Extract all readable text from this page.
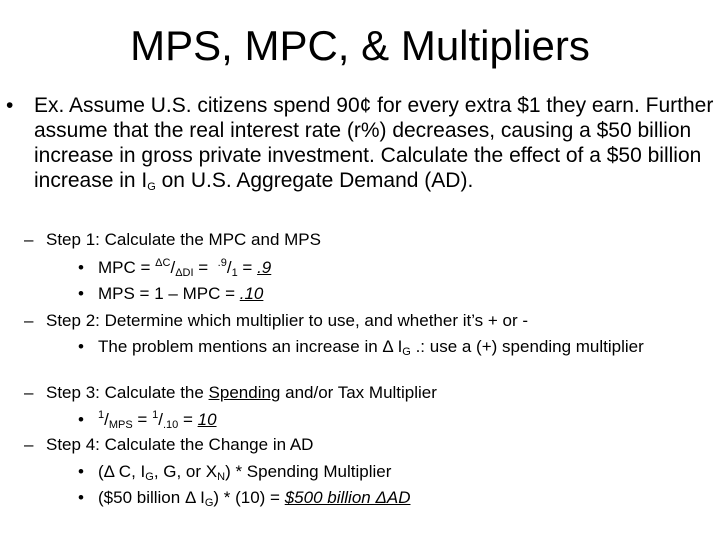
MPS, MPC, & Multipliers
• Ex. Assume U.S. citizens spend 90¢ for every extra $1 they earn. Further assume that the real interest rate (r%) decreases, causing a $50 billion increase in gross private investment. Calculate the effect of a $50 billion increase in $I_G$ on U.S. Aggregate Demand (AD).
– Step 1: Calculate the MPC and MPS
• MPC = $^{\Delta C}/_{\Delta DI} = ^{.9}/_1 = .9$
• MPS = 1 – MPC = .10
– Step 2: Determine which multiplier to use, and whether it’s + or -
• The problem mentions an increase in Δ $I_G$ .: use a (+) spending multiplier
– Step 3: Calculate the Spending and/or Tax Multiplier
• $^1/_{MPS} = ^1/_{.10} = 10$
– Step 4: Calculate the Change in AD
• (Δ C, $I_G$, G, or $X_N$) * Spending Multiplier
• ($50 billion Δ $I_G) * (10)$ = $500 billion ΔAD
